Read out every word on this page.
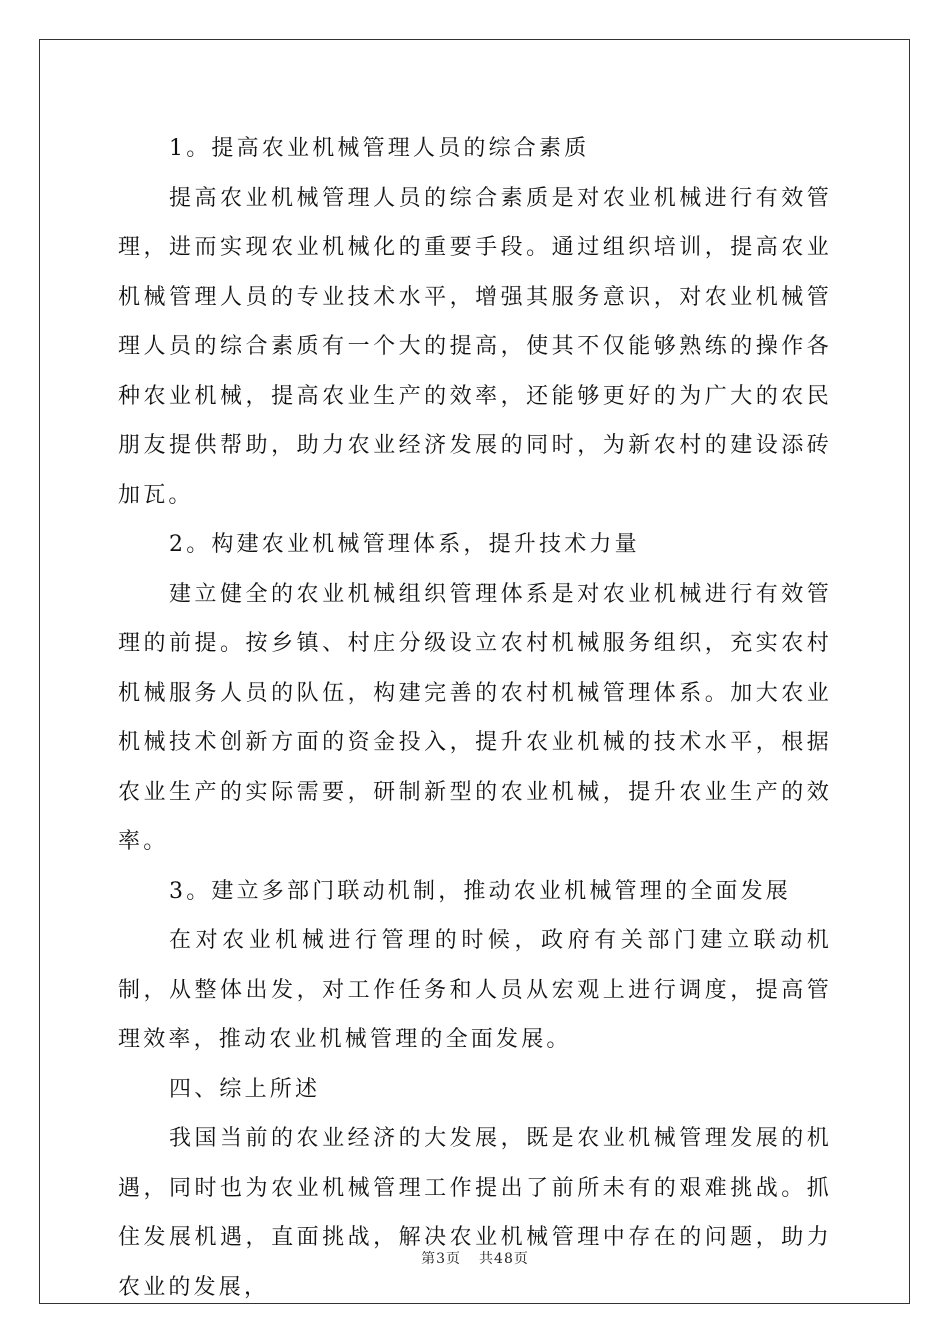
1。提高农业机械管理人员的综合素质

提高农业机械管理人员的综合素质是对农业机械进行有效管理，进而实现农业机械化的重要手段。通过组织培训，提高农业机械管理人员的专业技术水平，增强其服务意识，对农业机械管理人员的综合素质有一个大的提高，使其不仅能够熟练的操作各种农业机械，提高农业生产的效率，还能够更好的为广大的农民朋友提供帮助，助力农业经济发展的同时，为新农村的建设添砖加瓦。

2。构建农业机械管理体系，提升技术力量

建立健全的农业机械组织管理体系是对农业机械进行有效管理的前提。按乡镇、村庄分级设立农村机械服务组织，充实农村机械服务人员的队伍，构建完善的农村机械管理体系。加大农业机械技术创新方面的资金投入，提升农业机械的技术水平，根据农业生产的实际需要，研制新型的农业机械，提升农业生产的效率。

3。建立多部门联动机制，推动农业机械管理的全面发展

在对农业机械进行管理的时候，政府有关部门建立联动机制，从整体出发，对工作任务和人员从宏观上进行调度，提高管理效率，推动农业机械管理的全面发展。

四、综上所述

我国当前的农业经济的大发展，既是农业机械管理发展的机遇，同时也为农业机械管理工作提出了前所未有的艰难挑战。抓住发展机遇，直面挑战，解决农业机械管理中存在的问题，助力农业的发展，

第3页 共48页
